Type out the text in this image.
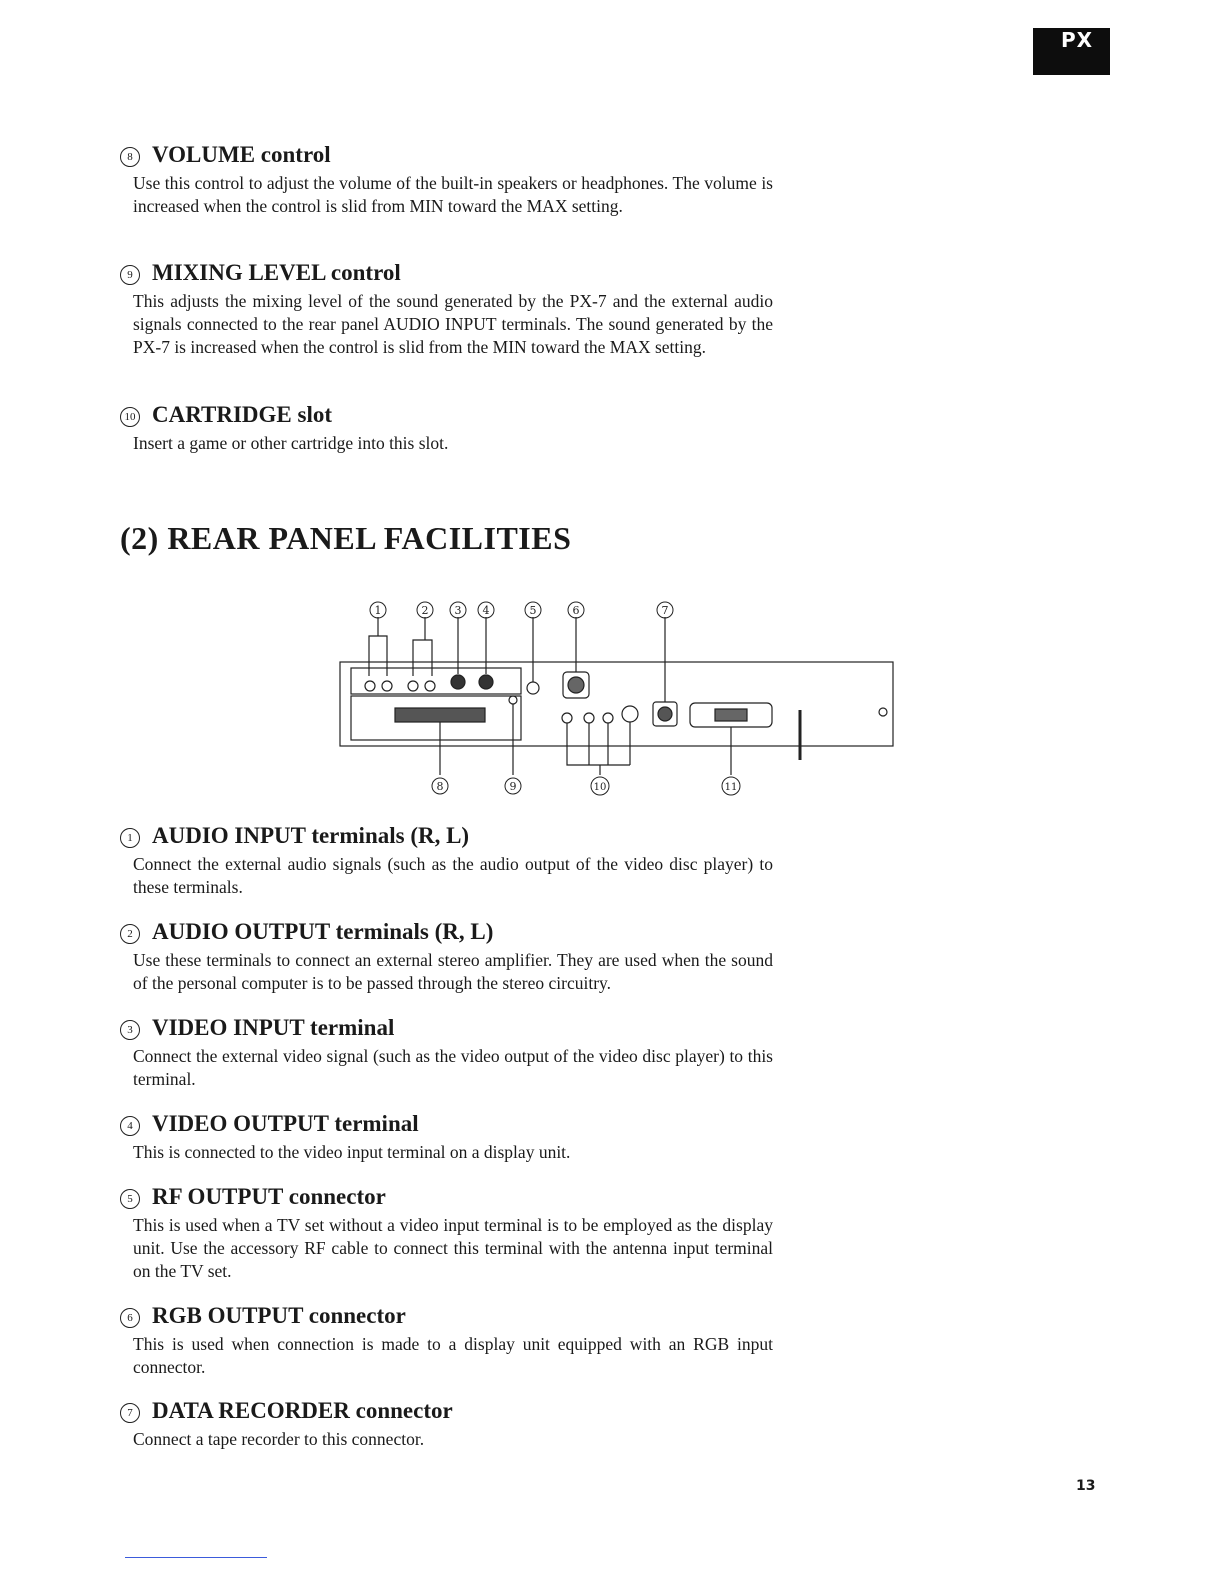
PX
8 VOLUME control
Use this control to adjust the volume of the built-in speakers or headphones. The volume is increased when the control is slid from MIN toward the MAX setting.
9 MIXING LEVEL control
This adjusts the mixing level of the sound generated by the PX-7 and the external audio signals connected to the rear panel AUDIO INPUT terminals. The sound generated by the PX-7 is increased when the control is slid from the MIN toward the MAX setting.
10 CARTRIDGE slot
Insert a game or other cartridge into this slot.
(2) REAR PANEL FACILITIES
1	2 3 4	5	6	7
8	9	10	11
1 AUDIO INPUT terminals (R, L)
Connect the external audio signals (such as the audio output of the video disc player) to these terminals.
2 AUDIO OUTPUT terminals (R, L)
Use these terminals to connect an external stereo amplifier. They are used when the sound of the personal computer is to be passed through the stereo circuitry.
3 VIDEO INPUT terminal
Connect the external video signal (such as the video output of the video disc player) to this terminal.
4 VIDEO OUTPUT terminal
This is connected to the video input terminal on a display unit.
5 RF OUTPUT connector
This is used when a TV set without a video input terminal is to be employed as the display unit. Use the accessory RF cable to connect this terminal with the antenna input terminal on the TV set.
6 RGB OUTPUT connector
This is used when connection is made to a display unit equipped with an RGB input connector.
7 DATA RECORDER connector
Connect a tape recorder to this connector.
13
